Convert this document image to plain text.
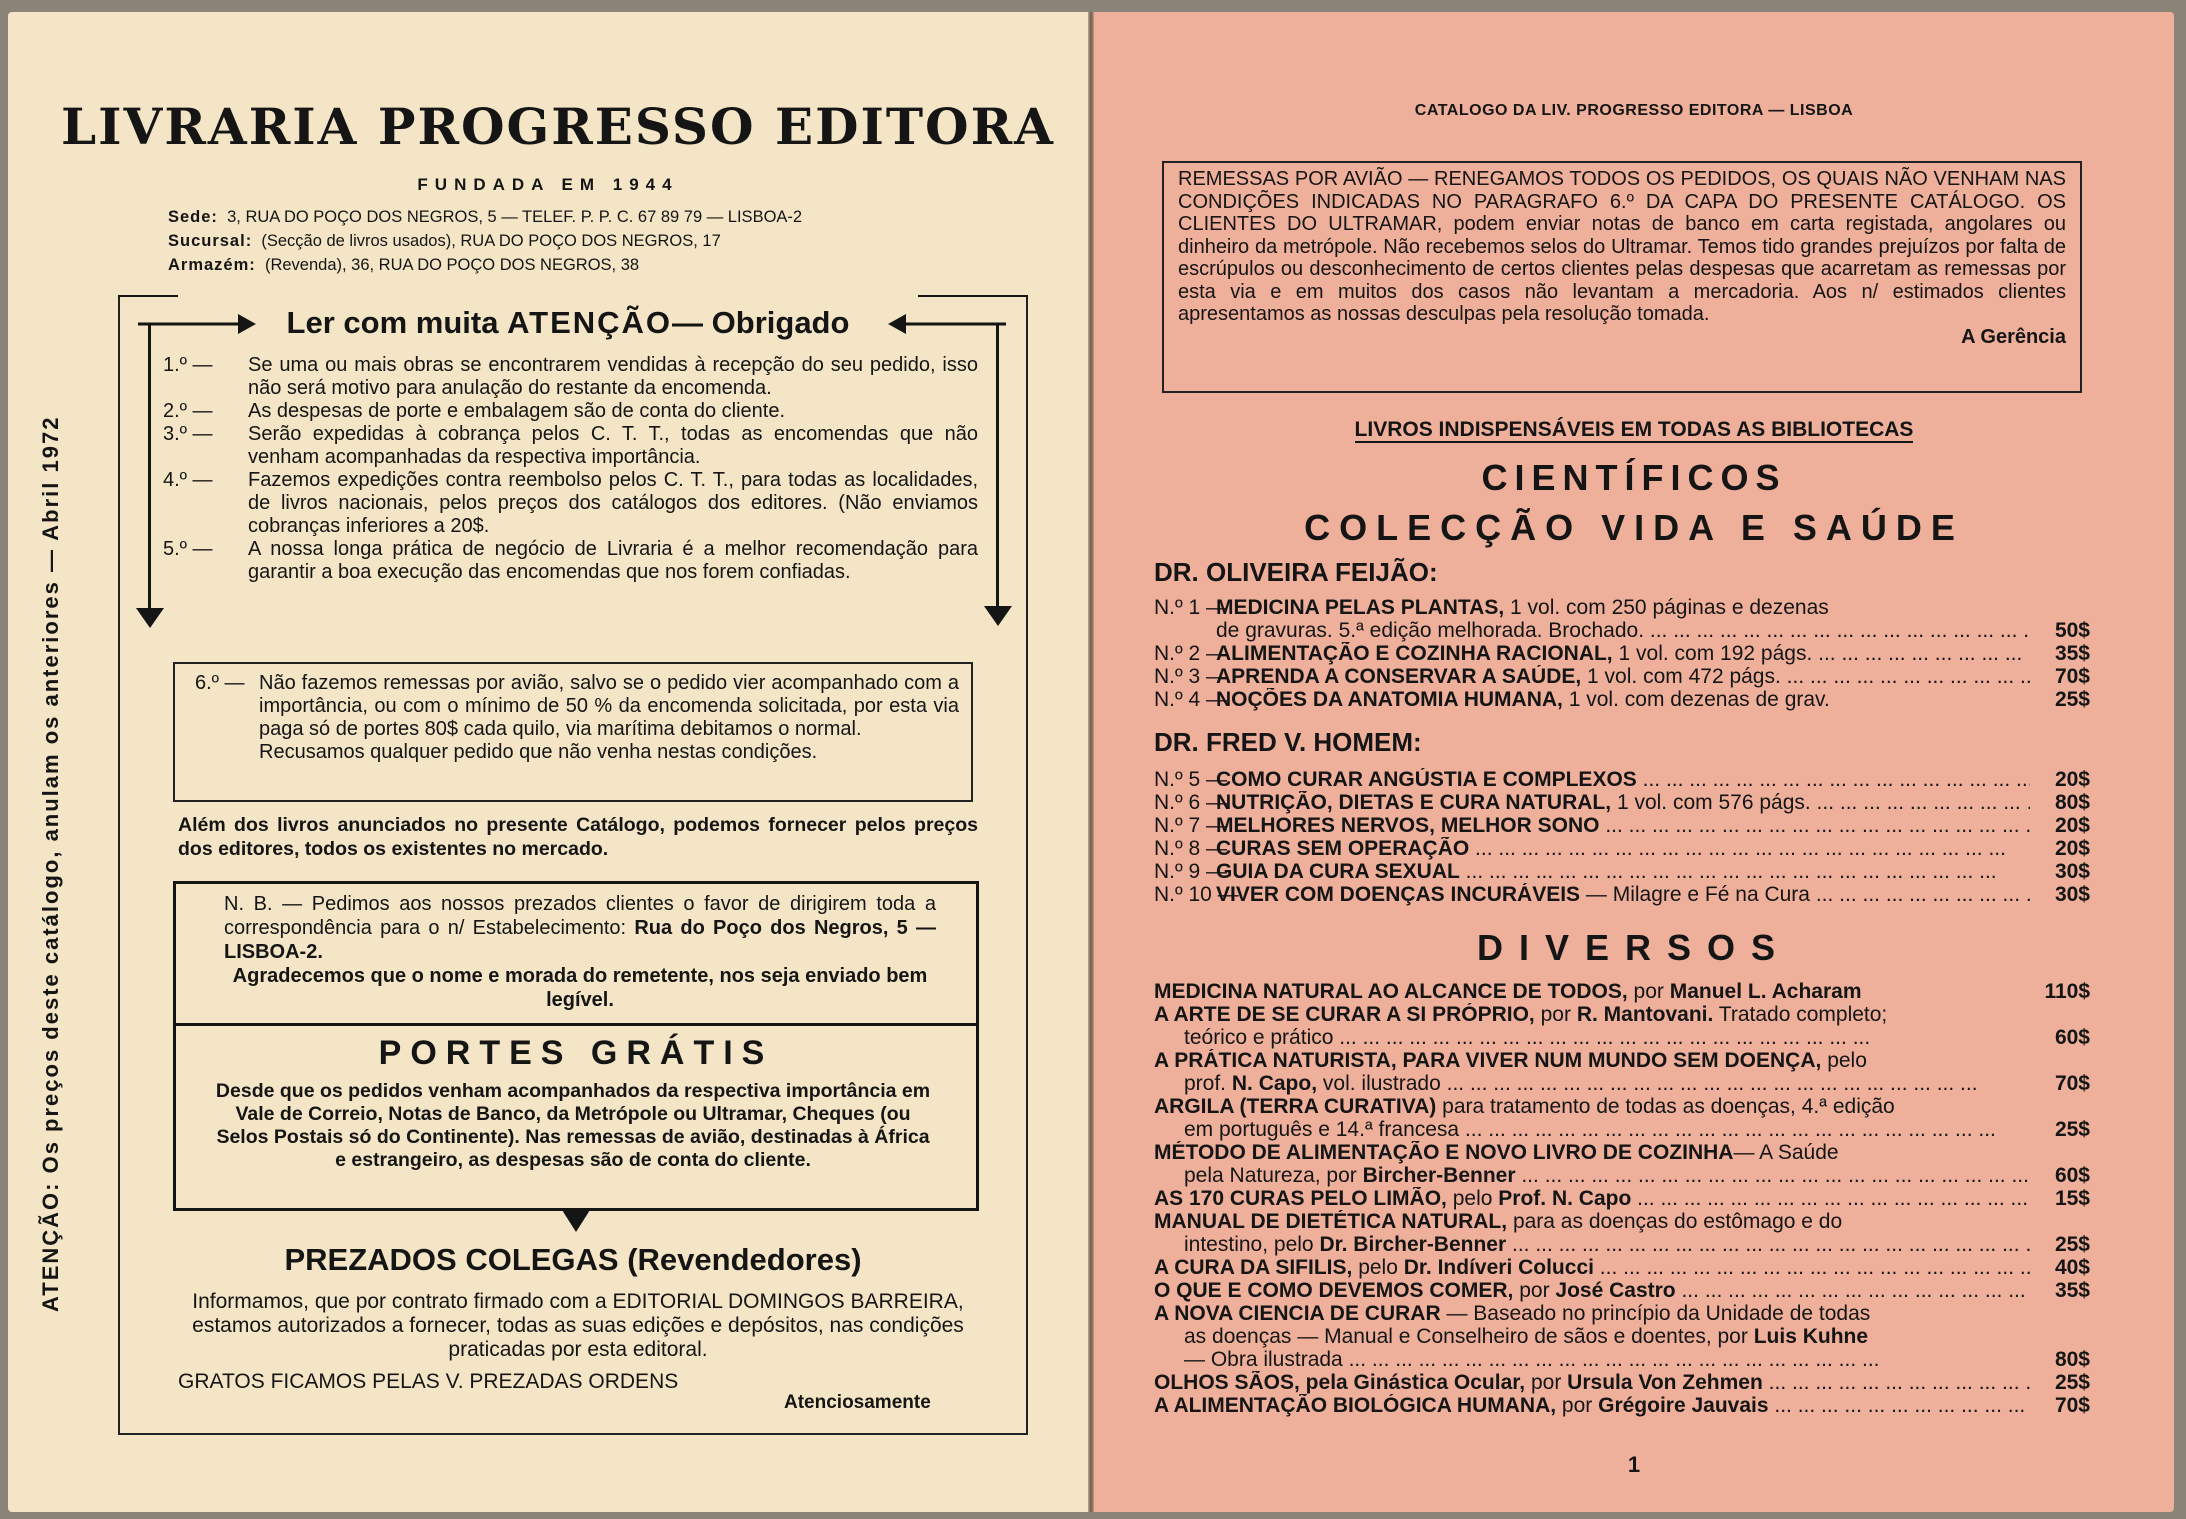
LIVRARIA PROGRESSO EDITORA
FUNDADA EM 1944
Sede: 3, RUA DO POÇO DOS NEGROS, 5 — TELEF. P. P. C. 67 89 79 — LISBOA-2
Sucursal: (Secção de livros usados), RUA DO POÇO DOS NEGROS, 17
Armazém: (Revenda), 36, RUA DO POÇO DOS NEGROS, 38
ATENÇÃO: Os preços deste catálogo, anulam os anteriores — Abril 1972
Ler com muita ATENÇÃO— Obrigado
1.º — Se uma ou mais obras se encontrarem vendidas à recepção do seu pedido, isso não será motivo para anulação do restante da encomenda.
2.º — As despesas de porte e embalagem são de conta do cliente.
3.º — Serão expedidas à cobrança pelos C. T. T., todas as encomendas que não venham acompanhadas da respectiva importância.
4.º — Fazemos expedições contra reembolso pelos C. T. T., para todas as localidades, de livros nacionais, pelos preços dos catálogos dos editores. (Não enviamos cobranças inferiores a 20$.
5.º — A nossa longa prática de negócio de Livraria é a melhor recomendação para garantir a boa execução das encomendas que nos forem confiadas.
6.º — Não fazemos remessas por avião, salvo se o pedido vier acompanhado com a importância, ou com o mínimo de 50 % da encomenda solicitada, por esta via paga só de portes 80$ cada quilo, via marítima debitamos o normal.
Recusamos qualquer pedido que não venha nestas condições.
Além dos livros anunciados no presente Catálogo, podemos fornecer pelos preços dos editores, todos os existentes no mercado.
N. B. — Pedimos aos nossos prezados clientes o favor de dirigirem toda a correspondência para o n/ Estabelecimento: Rua do Poço dos Negros, 5 — LISBOA-2.
Agradecemos que o nome e morada do remetente, nos seja enviado bem legível.
PORTES GRÁTIS
Desde que os pedidos venham acompanhados da respectiva importância em Vale de Correio, Notas de Banco, da Metrópole ou Ultramar, Cheques (ou Selos Postais só do Continente). Nas remessas de avião, destinadas à África e estrangeiro, as despesas são de conta do cliente.
PREZADOS COLEGAS (Revendedores)
Informamos, que por contrato firmado com a EDITORIAL DOMINGOS BARREIRA, estamos autorizados a fornecer, todas as suas edições e depósitos, nas condições praticadas por esta editoral.
GRATOS FICAMOS PELAS V. PREZADAS ORDENS
Atenciosamente
CATALOGO DA LIV. PROGRESSO EDITORA — LISBOA
REMESSAS POR AVIÃO — RENEGAMOS TODOS OS PEDIDOS, OS QUAIS NÃO VENHAM NAS CONDIÇÕES INDICADAS NO PARAGRAFO 6.º DA CAPA DO PRESENTE CATÁLOGO. OS CLIENTES DO ULTRAMAR, podem enviar notas de banco em carta registada, angolares ou dinheiro da metrópole. Não recebemos selos do Ultramar. Temos tido grandes prejuízos por falta de escrúpulos ou desconhecimento de certos clientes pelas despesas que acarretam as remessas por esta via e em muitos dos casos não levantam a mercadoria. Aos n/ estimados clientes apresentamos as nossas desculpas pela resolução tomada.
A Gerência
LIVROS INDISPENSÁVEIS EM TODAS AS BIBLIOTECAS
CIENTÍFICOS
COLECÇÃO VIDA E SAÚDE
DR. OLIVEIRA FEIJÃO:
N.º 1 —
MEDICINA PELAS PLANTAS, 1 vol. com 250 páginas e dezenas
de gravuras. 5.ª edição melhorada. Brochado. ... .	50$
N.º 2 —
ALIMENTAÇÃO E COZINHA RACIONAL, 1 vol. com 192 págs. ... .	35$
N.º 3 —
APRENDA A CONSERVAR A SAÚDE, 1 vol. com 472 págs. ... .	70$
N.º 4 —
NOÇÕES DA ANATOMIA HUMANA, 1 vol. com dezenas de grav.	25$
DR. FRED V. HOMEM:
N.º 5 —
COMO CURAR ANGÚSTIA E COMPLEXOS ... .	20$
N.º 6 —
NUTRIÇÃO, DIETAS E CURA NATURAL, 1 vol. com 576 págs. ... .	80$
N.º 7 —
MELHORES NERVOS, MELHOR SONO ... .	20$
N.º 8 —
CURAS SEM OPERAÇÃO ... .	20$
N.º 9 —
GUIA DA CURA SEXUAL ... .	30$
N.º 10 —
VIVER COM DOENÇAS INCURÁVEIS — Milagre e Fé na Cura ... .	30$
DIVERSOS
MEDICINA NATURAL AO ALCANCE DE TODOS, por Manuel L. Acharam	110$
A ARTE DE SE CURAR A SI PRÓPRIO, por R. Mantovani. Tratado completo;
teórico e prático ... .	60$
A PRÁTICA NATURISTA, PARA VIVER NUM MUNDO SEM DOENÇA, pelo
prof. N. Capo, vol. ilustrado ... .	70$
ARGILA (TERRA CURATIVA) para tratamento de todas as doenças, 4.ª edição
em português e 14.ª francesa ... .	25$
MÉTODO DE ALIMENTAÇÃO E NOVO LIVRO DE COZINHA— A Saúde
pela Natureza, por Bircher-Benner ... .	60$
AS 170 CURAS PELO LIMÃO, pelo Prof. N. Capo ... .	15$
MANUAL DE DIETÉTICA NATURAL, para as doenças do estômago e do
intestino, pelo Dr. Bircher-Benner ... .	25$
A CURA DA SIFILIS, pelo Dr. Indíveri Colucci ... .	40$
O QUE E COMO DEVEMOS COMER, por José Castro ... .	35$
A NOVA CIENCIA DE CURAR — Baseado no princípio da Unidade de todas
as doenças — Manual e Conselheiro de sãos e doentes, por Luis Kuhne
— Obra ilustrada ... .	80$
OLHOS SÃOS, pela Ginástica Ocular, por Ursula Von Zehmen ... .	25$
A ALIMENTAÇÃO BIOLÓGICA HUMANA, por Grégoire Jauvais ... .	70$
1
